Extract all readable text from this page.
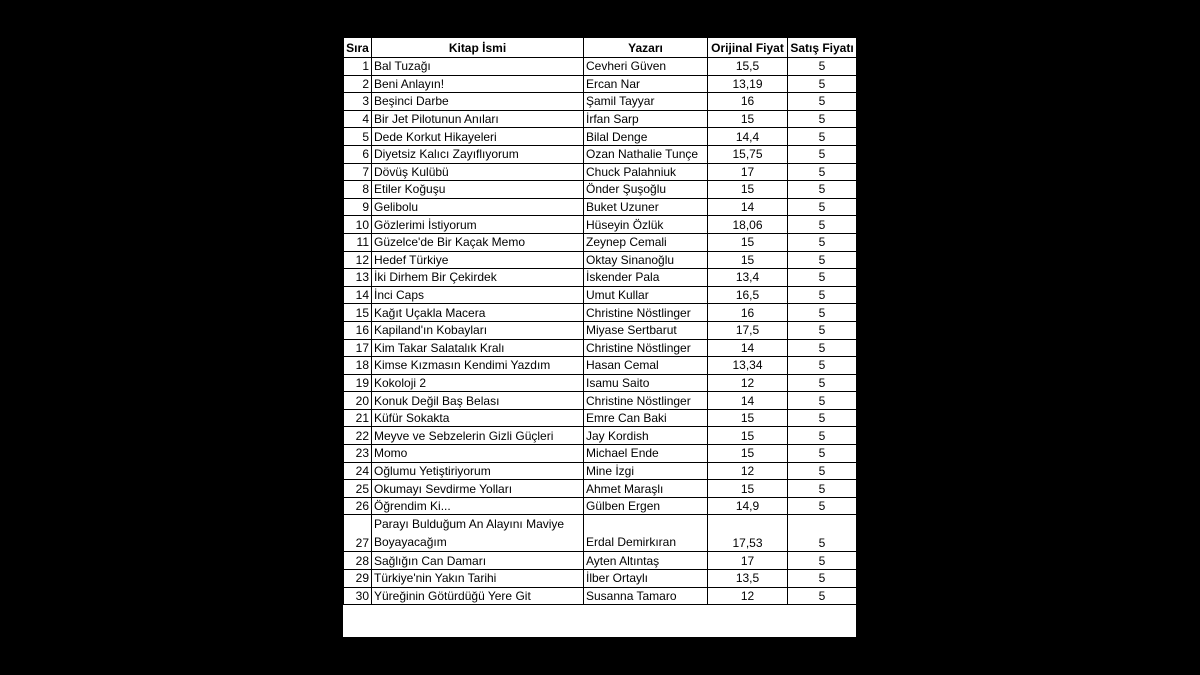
Sıra	Kitap İsmi	Yazarı	Orijinal Fiyat	Satış Fiyatı
1	Bal Tuzağı	Cevheri Güven	15,5	5
2	Beni Anlayın!	Ercan Nar	13,19	5
3	Beşinci Darbe	Şamil Tayyar	16	5
4	Bir Jet Pilotunun Anıları	İrfan Sarp	15	5
5	Dede Korkut Hikayeleri	Bilal Denge	14,4	5
6	Diyetsiz Kalıcı Zayıflıyorum	Ozan Nathalie Tunçe	15,75	5
7	Dövüş Kulübü	Chuck Palahniuk	17	5
8	Etiler Koğuşu	Önder Şuşoğlu	15	5
9	Gelibolu	Buket Uzuner	14	5
10	Gözlerimi İstiyorum	Hüseyin Özlük	18,06	5
11	Güzelce'de Bir Kaçak Memo	Zeynep Cemali	15	5
12	Hedef Türkiye	Oktay Sinanoğlu	15	5
13	İki Dirhem Bir Çekirdek	İskender Pala	13,4	5
14	İnci Caps	Umut Kullar	16,5	5
15	Kağıt Uçakla Macera	Christine Nöstlinger	16	5
16	Kapiland'ın Kobayları	Miyase Sertbarut	17,5	5
17	Kim Takar Salatalık Kralı	Christine Nöstlinger	14	5
18	Kimse Kızmasın Kendimi Yazdım	Hasan Cemal	13,34	5
19	Kokoloji 2	Isamu Saito	12	5
20	Konuk Değil Baş Belası	Christine Nöstlinger	14	5
21	Küfür Sokakta	Emre Can Baki	15	5
22	Meyve ve Sebzelerin Gizli Güçleri	Jay Kordish	15	5
23	Momo	Michael Ende	15	5
24	Oğlumu Yetiştiriyorum	Mine İzgi	12	5
25	Okumayı Sevdirme Yolları	Ahmet Maraşlı	15	5
26	Öğrendim Ki...	Gülben Ergen	14,9	5
27	Parayı Bulduğum An Alayını Maviye Boyayacağım	Erdal Demirkıran	17,53	5
28	Sağlığın Can Damarı	Ayten Altıntaş	17	5
29	Türkiye'nin Yakın Tarihi	İlber Ortaylı	13,5	5
30	Yüreğinin Götürdüğü Yere Git	Susanna Tamaro	12	5
